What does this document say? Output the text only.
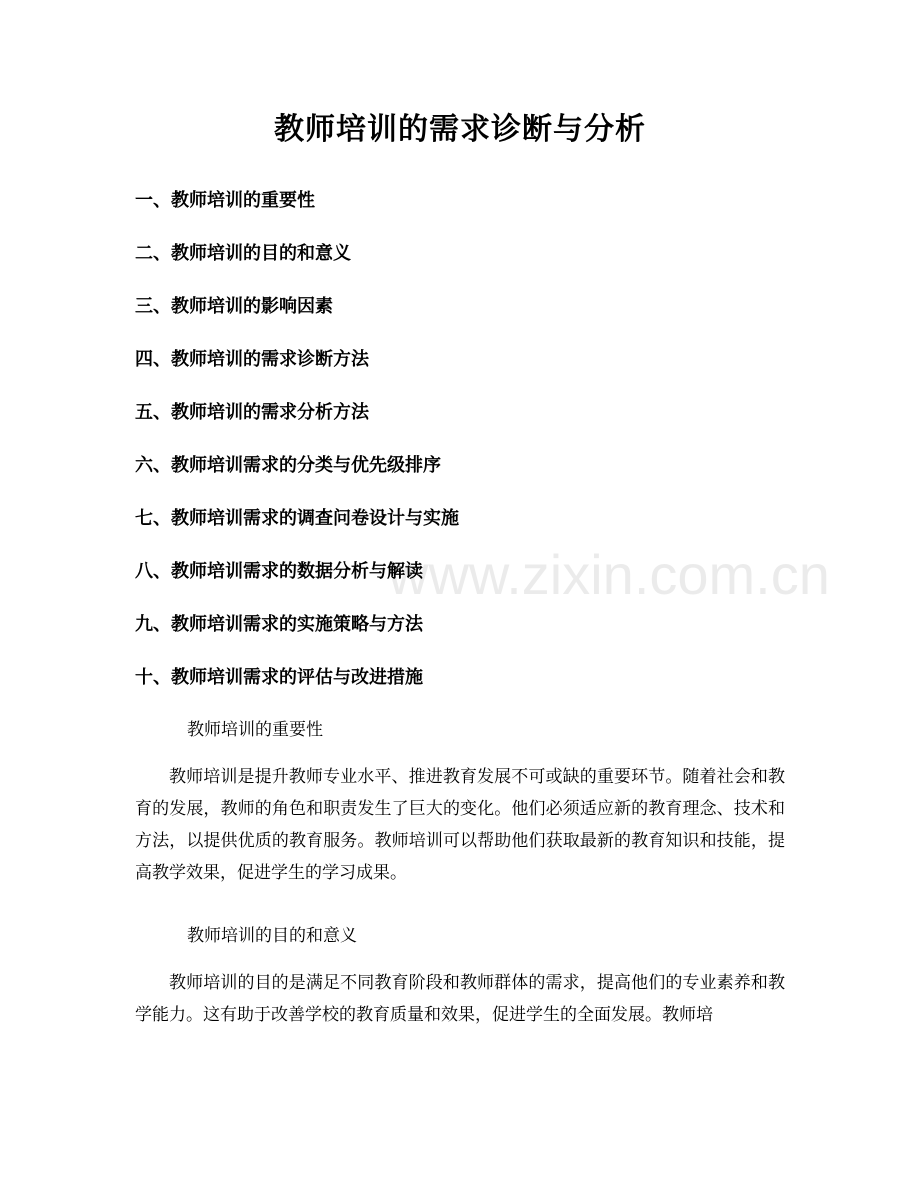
教师培训的需求诊断与分析
一、教师培训的重要性
二、教师培训的目的和意义
三、教师培训的影响因素
四、教师培训的需求诊断方法
五、教师培训的需求分析方法
六、教师培训需求的分类与优先级排序
七、教师培训需求的调查问卷设计与实施
八、教师培训需求的数据分析与解读
九、教师培训需求的实施策略与方法
十、教师培训需求的评估与改进措施
教师培训的重要性

教师培训是提升教师专业水平、推进教育发展不可或缺的重要环节。随着社会和教育的发展，教师的角色和职责发生了巨大的变化。他们必须适应新的教育理念、技术和方法，以提供优质的教育服务。教师培训可以帮助他们获取最新的教育知识和技能，提高教学效果，促进学生的学习成果。

教师培训的目的和意义

教师培训的目的是满足不同教育阶段和教师群体的需求，提高他们的专业素养和教学能力。这有助于改善学校的教育质量和效果，促进学生的全面发展。教师培

www.zixin.com.cn
